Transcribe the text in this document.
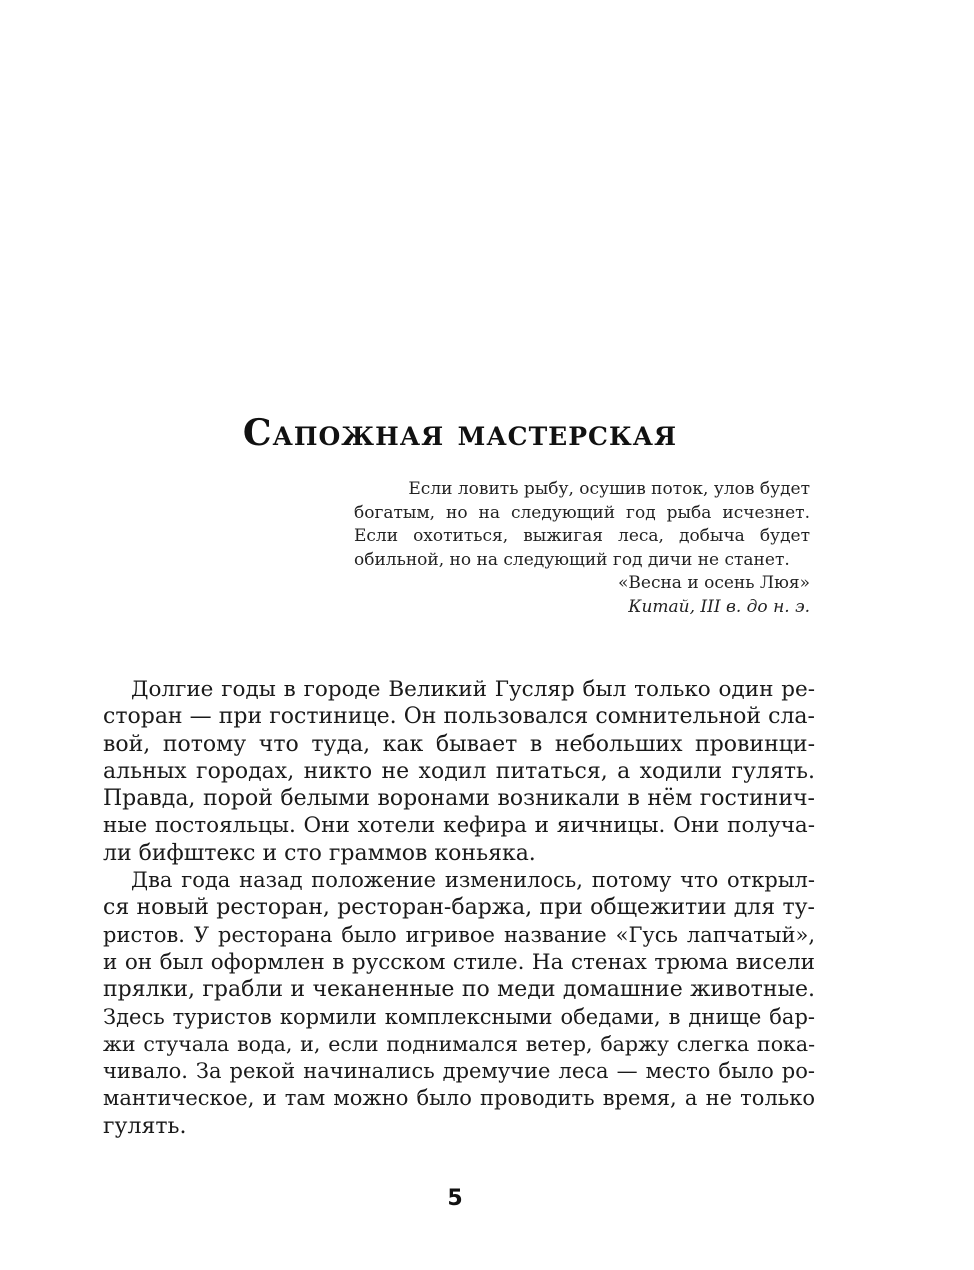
Сапожная мастерская
Если ловить рыбу, осушив поток, улов будет
богатым, но на следующий год рыба исчезнет.
Если охотиться, выжигая леса, добыча будет
обильной, но на следующий год дичи не станет.
«Весна и осень Люя»
Китай, III в. до н. э.
Долгие годы в городе Великий Гусляр был только один ре-
сторан — при гостинице. Он пользовался сомнительной сла-
вой, потому что туда, как бывает в небольших провинци-
альных городах, никто не ходил питаться, а ходили гулять.
Правда, порой белыми воронами возникали в нём гостинич-
ные постояльцы. Они хотели кефира и яичницы. Они получа-
ли бифштекс и сто граммов коньяка.
Два года назад положение изменилось, потому что открыл-
ся новый ресторан, ресторан-баржа, при общежитии для ту-
ристов. У ресторана было игривое название «Гусь лапчатый»,
и он был оформлен в русском стиле. На стенах трюма висели
прялки, грабли и чеканенные по меди домашние животные.
Здесь туристов кормили комплексными обедами, в днище бар-
жи стучала вода, и, если поднимался ветер, баржу слегка пока-
чивало. За рекой начинались дремучие леса — место было ро-
мантическое, и там можно было проводить время, а не только
гулять.
5
